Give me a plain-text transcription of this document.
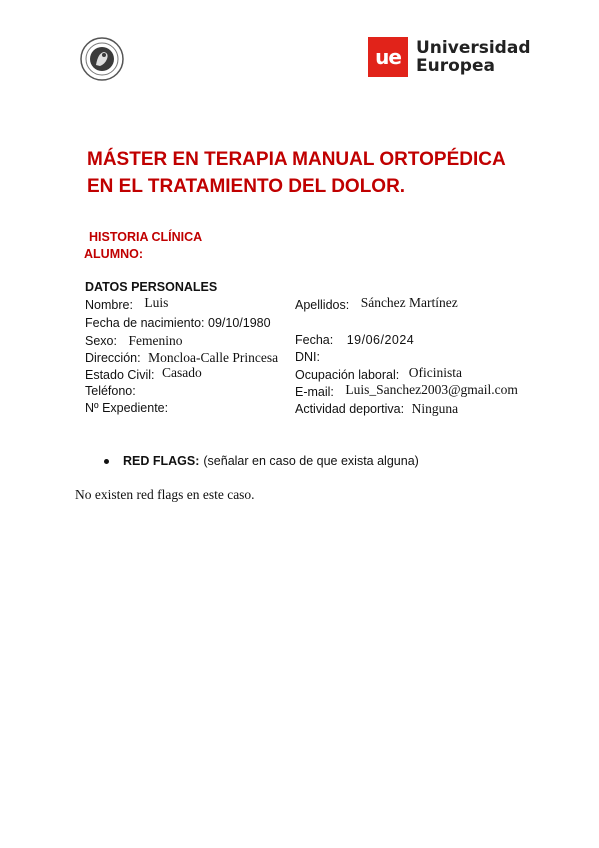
ue Universidad
Europea
MÁSTER EN TERAPIA MANUAL ORTOPÉDICA EN EL TRATAMIENTO DEL DOLOR.
HISTORIA CLÍNICA
ALUMNO:
DATOS PERSONALES
Nombre: Luis
Fecha de nacimiento: 09/10/1980
Sexo: Femenino
Dirección: Moncloa-Calle Princesa
Estado Civil: Casado
Teléfono:
Nº Expediente:
Apellidos: Sánchez Martínez
Fecha: 19/06/2024
DNI:
Ocupación laboral: Oficinista
E-mail: Luis_Sanchez2003@gmail.com
Actividad deportiva: Ninguna
RED FLAGS: (señalar en caso de que exista alguna)
No existen red flags en este caso.
